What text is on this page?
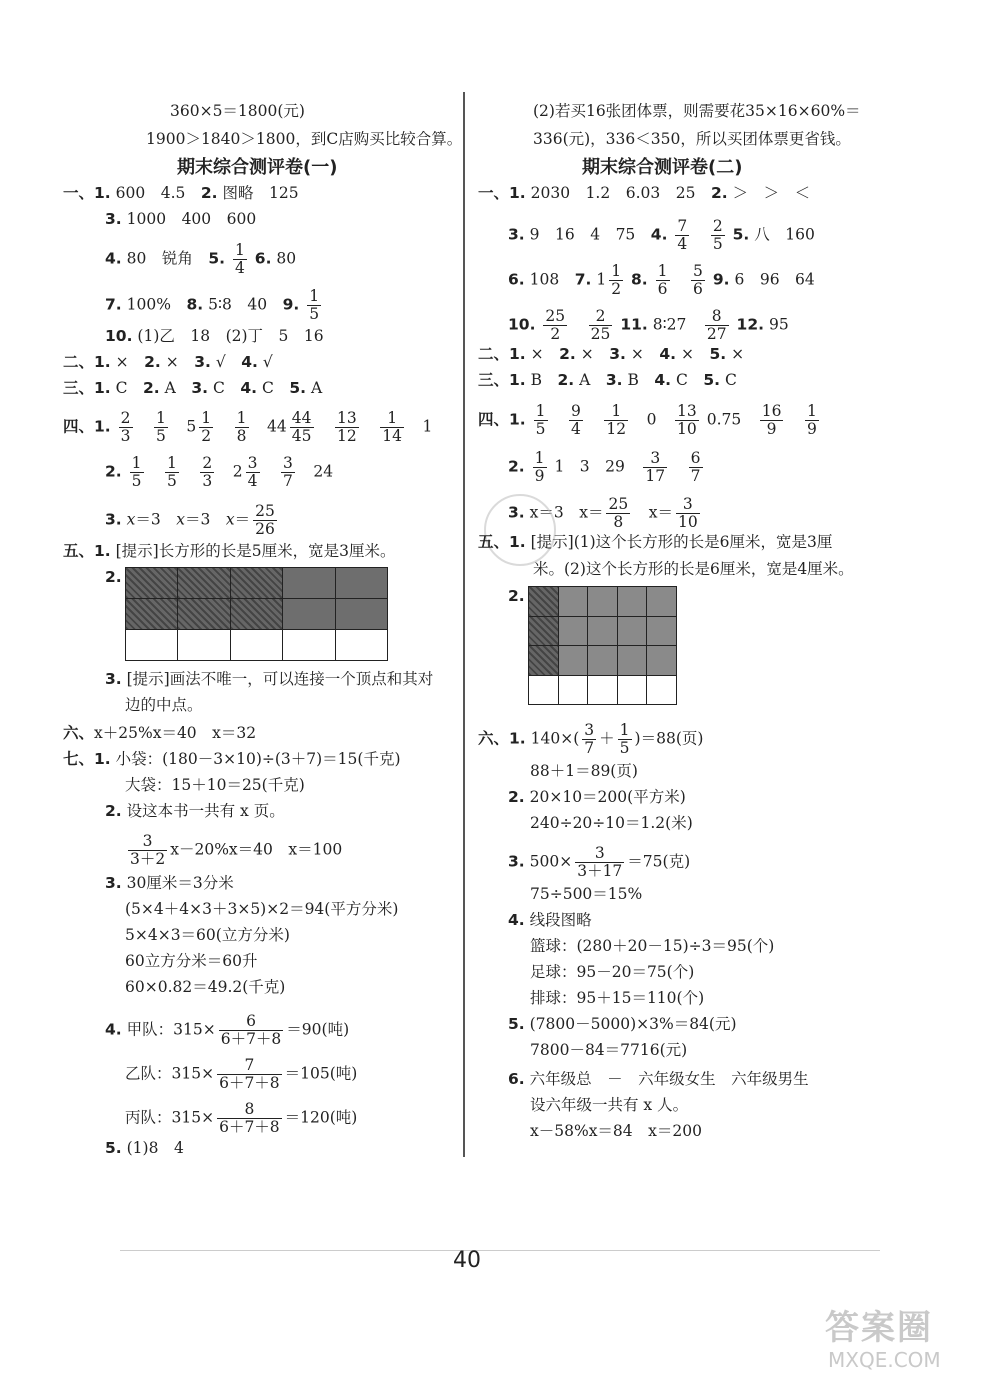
360×5＝1800(元)
1900＞1840＞1800，到C店购买比较合算。
期末综合测评卷(一)
一、1. 600　4.5　2. 图略　125
3. 1000　400　600
4. 80　锐角　5. $\frac{1}{4} 6$. 80
7. 100%　8. 5∶8　40　9. $\frac{1}{5}$
10. (1)乙　18　(2)丁　5　16
二、1. ×　2. ×　3. √　4. √
三、1. C　2. A　3. C　4. C　5. A
四、1. $\frac{2}{3}$
　 $\frac{1}{5}$ 　$5 \frac{1}{2}$
　 $\frac{1}{8}$ 　$44 \frac{44}{45}$
　 $\frac{13}{12}$
　 $\frac{1}{14}$ 　1
2. $\frac{1}{5}$
　 $\frac{1}{5}$
　 $\frac{2}{3}$ 　$2 \frac{3}{4}$
　 $\frac{3}{7}$ 　24
3. x＝3　x＝3　$x= \frac{25}{26}$
五、1. [提示]长方形的长是5厘米，宽是3厘米。
2.
3. [提示]画法不唯一，可以连接一个顶点和其对
边的中点。
六、x＋25%x＝40　x＝32
七、1. 小袋：(180－3×10)÷(3＋7)＝15(千克)
大袋：15＋10＝25(千克)
2. 设这本书一共有 x 页。
$\frac{3}{3+2} x-20\%x=40$　x＝100
3. 30厘米＝3分米
(5×4＋4×3＋3×5)×2＝94(平方分米)
5×4×3＝60(立方分米)
60立方分米＝60升
60×0.82＝49.2(千克)
4. 甲队：$315\times \frac{6}{6+7+8} =90$(吨)
乙队：$315\times \frac{7}{6+7+8} =105$(吨)
丙队：$315\times \frac{8}{6+7+8} =120$(吨)
5. (1)8　4
(2)若买16张团体票，则需要花35×16×60%＝
336(元)，336＜350，所以买团体票更省钱。
期末综合测评卷(二)
一、1. 2030　1.2　6.03　25　2. ＞　＞　＜
3. 9　16　4　75　4. $\frac{7}{4}$
　 $\frac{2}{5} 5$. 八　160
6. 108　7. $1 \frac{1}{2} 8$. $\frac{1}{6}$
　 $\frac{5}{6} 9$. 6　96　64
10. $\frac{25}{2}$
　 $\frac{2}{25} 11$. 8∶27　 $\frac{8}{27} 12$. 95
二、1. ×　2. ×　3. ×　4. ×　5. ×
三、1. B　2. A　3. B　4. C　5. C
四、1. $\frac{1}{5}$
　 $\frac{9}{4}$
　 $\frac{1}{12}$
　 0　 $\frac{13}{10} 0.75$　 $\frac{16}{9}$
　 $\frac{1}{9}$
2. $\frac{1}{9} 1$　3　29　 $\frac{3}{17}$
　 $\frac{6}{7}$
3. x＝3　$x= \frac{25}{8}$
　 $x= \frac{3}{10}$
五、1. [提示](1)这个长方形的长是6厘米，宽是3厘
米。(2)这个长方形的长是6厘米，宽是4厘米。
2.
六、1. $140\times( \frac{3}{7} + \frac{1}{5} )=88$(页)
88＋1＝89(页)
2. 20×10＝200(平方米)
240÷20÷10＝1.2(米)
3. $500\times \frac{3}{3+17} =75$(克)
75÷500＝15%
4. 线段图略
篮球：(280＋20－15)÷3＝95(个)
足球：95－20＝75(个)
排球：95＋15＝110(个)
5. (7800－5000)×3%＝84(元)
7800－84＝7716(元)
6. 六年级总　－　六年级女生　六年级男生
设六年级一共有 x 人。
x－58%x＝84　x＝200
40
答案圈
MXQE.COM
